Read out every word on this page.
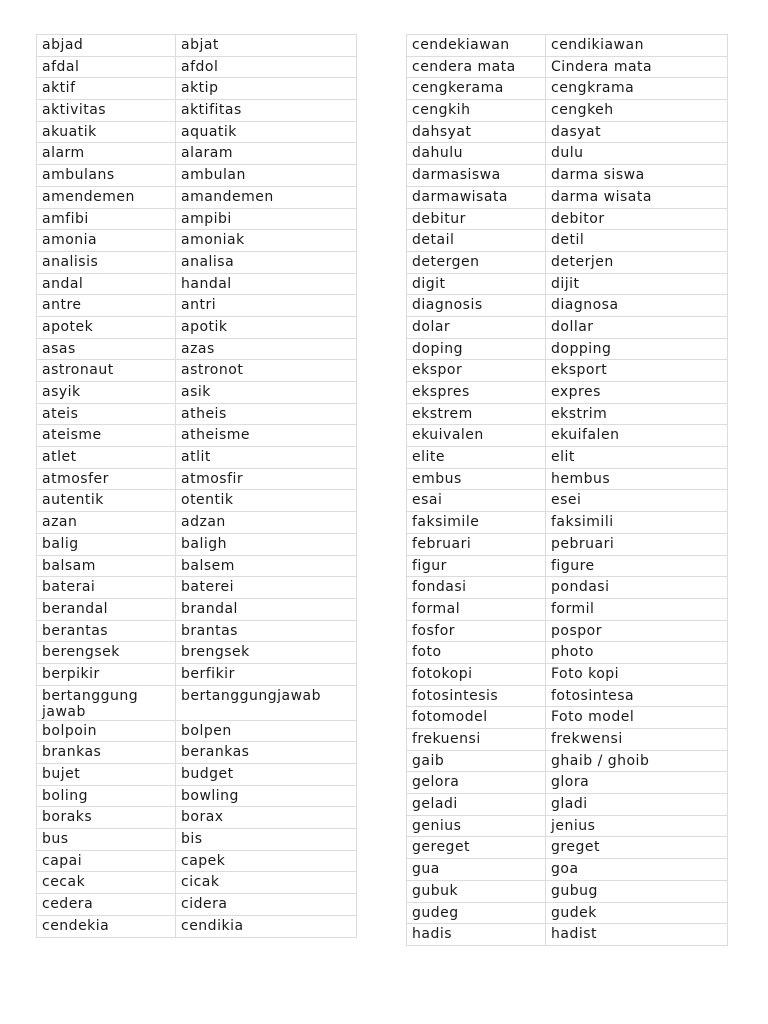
abjad	abjat
afdal	afdol
aktif	aktip
aktivitas	aktifitas
akuatik	aquatik
alarm	alaram
ambulans	ambulan
amendemen	amandemen
amfibi	ampibi
amonia	amoniak
analisis	analisa
andal	handal
antre	antri
apotek	apotik
asas	azas
astronaut	astronot
asyik	asik
ateis	atheis
ateisme	atheisme
atlet	atlit
atmosfer	atmosfir
autentik	otentik
azan	adzan
balig	baligh
balsam	balsem
baterai	baterei
berandal	brandal
berantas	brantas
berengsek	brengsek
berpikir	berfikir
bertanggung jawab	bertanggungjawab
bolpoin	bolpen
brankas	berankas
bujet	budget
boling	bowling
boraks	borax
bus	bis
capai	capek
cecak	cicak
cedera	cidera
cendekia	cendikia
cendekiawan	cendikiawan
cendera mata	Cindera mata
cengkerama	cengkrama
cengkih	cengkeh
dahsyat	dasyat
dahulu	dulu
darmasiswa	darma siswa
darmawisata	darma wisata
debitur	debitor
detail	detil
detergen	deterjen
digit	dijit
diagnosis	diagnosa
dolar	dollar
doping	dopping
ekspor	eksport
ekspres	expres
ekstrem	ekstrim
ekuivalen	ekuifalen
elite	elit
embus	hembus
esai	esei
faksimile	faksimili
februari	pebruari
figur	figure
fondasi	pondasi
formal	formil
fosfor	pospor
foto	photo
fotokopi	Foto kopi
fotosintesis	fotosintesa
fotomodel	Foto model
frekuensi	frekwensi
gaib	ghaib / ghoib
gelora	glora
geladi	gladi
genius	jenius
gereget	greget
gua	goa
gubuk	gubug
gudeg	gudek
hadis	hadist
